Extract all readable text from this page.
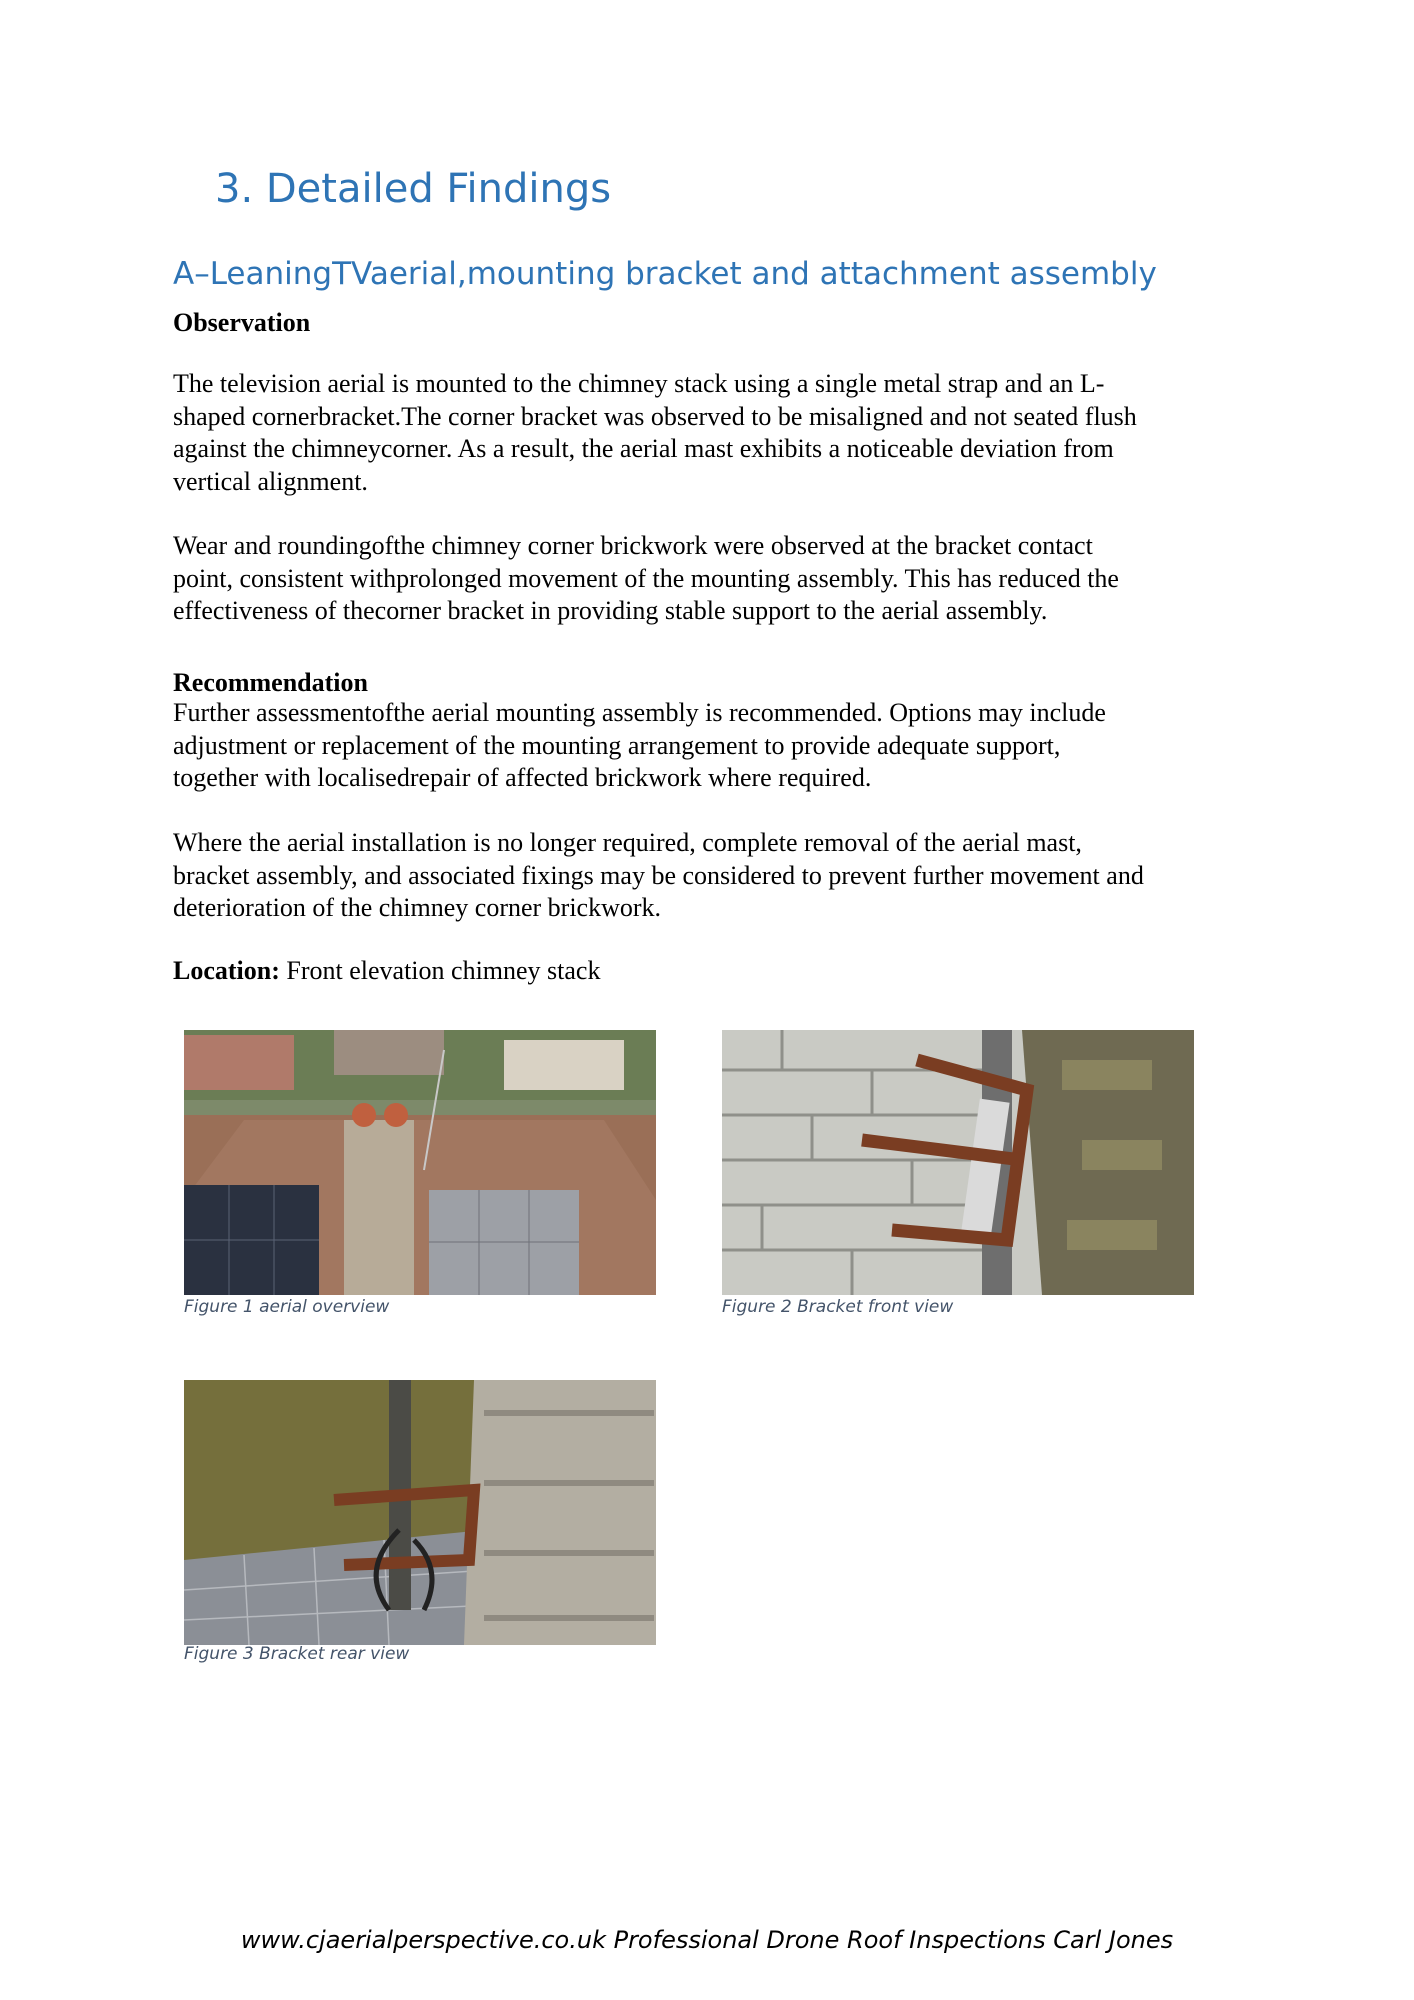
3. Detailed Findings
A–LeaningTVaerial,mounting bracket and attachment assembly
Observation
The television aerial is mounted to the chimney stack using a single metal strap and an L-
shaped cornerbracket.The corner bracket was observed to be misaligned and not seated flush
against the chimneycorner. As a result, the aerial mast exhibits a noticeable deviation from
vertical alignment.
Wear and roundingofthe chimney corner brickwork were observed at the bracket contact
point, consistent withprolonged movement of the mounting assembly. This has reduced the
effectiveness of thecorner bracket in providing stable support to the aerial assembly.
Recommendation
Further assessmentofthe aerial mounting assembly is recommended. Options may include
adjustment or replacement of the mounting arrangement to provide adequate support,
together with localisedrepair of affected brickwork where required.
Where the aerial installation is no longer required, complete removal of the aerial mast,
bracket assembly, and associated fixings may be considered to prevent further movement and
deterioration of the chimney corner brickwork.
Location: Front elevation chimney stack
Figure 1 aerial overview	Figure 2 Bracket front view
Figure 3 Bracket rear view
www.cjaerialperspective.co.uk Professional Drone Roof Inspections Carl Jones
